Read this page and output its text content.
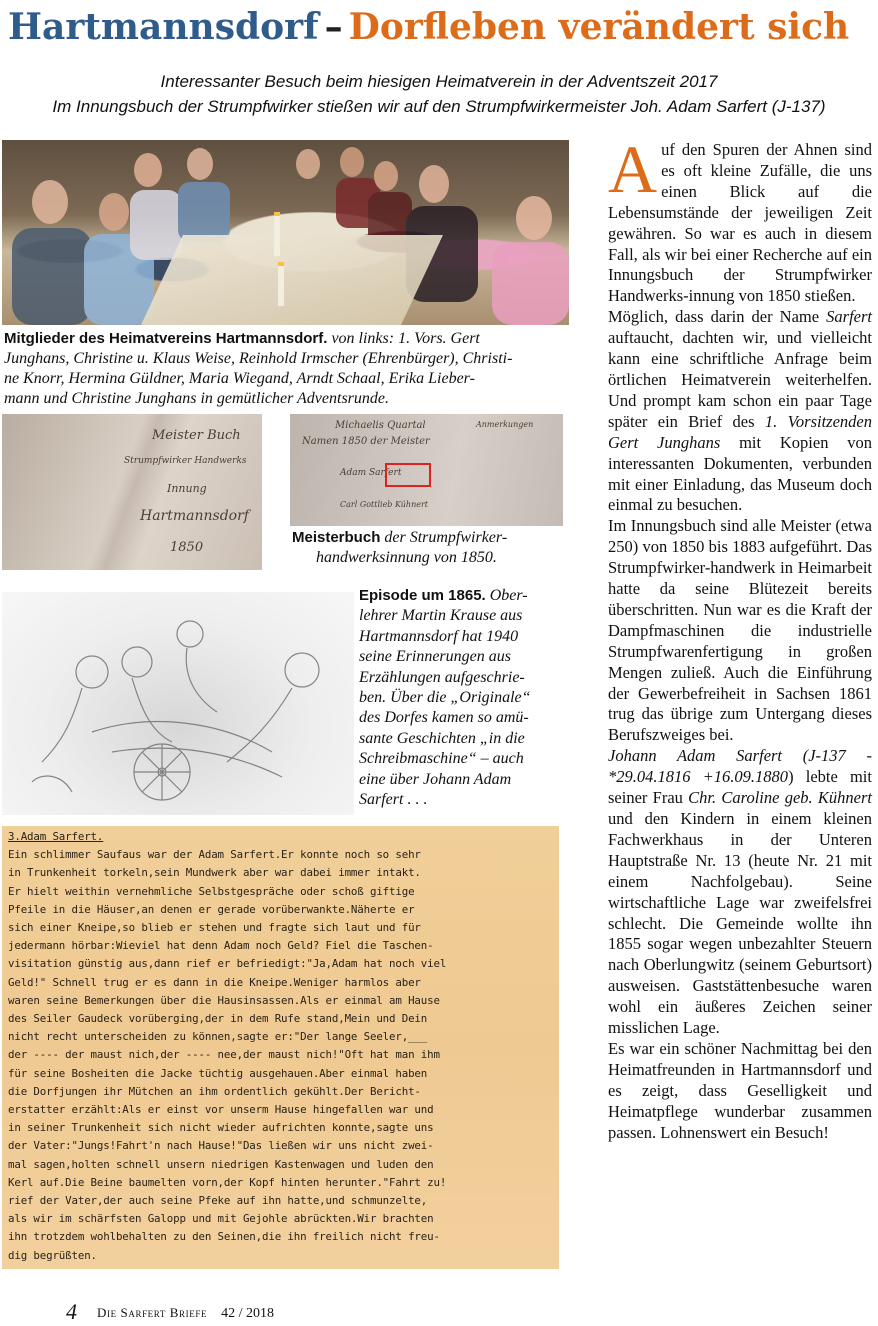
Hartmannsdorf – Dorfleben verändert sich
Interessanter Besuch beim hiesigen Heimatverein in der Adventszeit 2017
Im Innungsbuch der Strumpfwirker stießen wir auf den Strumpfwirkermeister Joh. Adam Sarfert (J-137)
Mitglieder des Heimatvereins Hartmannsdorf. von links: 1. Vors. Gert
Junghans, Christine u. Klaus Weise, Reinhold Irmscher (Ehrenbürger), Christi-
ne Knorr, Hermina Güldner, Maria Wiegand, Arndt Schaal, Erika Lieber-
mann und Christine Junghans in gemütlicher Adventsrunde.
Meister Buch
Strumpfwirker Handwerks
Innung
Hartmannsdorf
1850
Michaelis Quartal
Namen 1850 der Meister
Adam Sarfert
Carl Gottlieb Kühnert
Anmerkungen
Meisterbuch der Strumpfwirker-
handwerksinnung von 1850.
Episode um 1865. Ober-
lehrer Martin Krause aus
Hartmannsdorf hat 1940
seine Erinnerungen aus
Erzählungen aufgeschrie-
ben. Über die „Originale“
des Dorfes kamen so amü-
sante Geschichten „in die
Schreibmaschine“ – auch
eine über Johann Adam
Sarfert . . .
3.Adam Sarfert.
Ein schlimmer Saufaus war der Adam Sarfert.Er konnte noch so sehr
in Trunkenheit torkeln,sein Mundwerk aber war dabei immer intakt.
Er hielt weithin vernehmliche Selbstgespräche oder schoß giftige
Pfeile in die Häuser,an denen er gerade vorüberwankte.Näherte er
sich einer Kneipe,so blieb er stehen und fragte sich laut und für
jedermann hörbar:Wieviel hat denn Adam noch Geld? Fiel die Taschen-
visitation günstig aus,dann rief er befriedigt:"Ja,Adam hat noch viel
Geld!" Schnell trug er es dann in die Kneipe.Weniger harmlos aber
waren seine Bemerkungen über die Hausinsassen.Als er einmal am Hause
des Seiler Gaudeck vorüberging,der in dem Rufe stand,Mein und Dein
nicht recht unterscheiden zu können,sagte er:"Der lange Seeler,___
der ---- der maust nich,der ---- nee,der maust nich!"Oft hat man ihm
für seine Bosheiten die Jacke tüchtig ausgehauen.Aber einmal haben
die Dorfjungen ihr Mütchen an ihm ordentlich gekühlt.Der Bericht-
erstatter erzählt:Als er einst vor unserm Hause hingefallen war und
in seiner Trunkenheit sich nicht wieder aufrichten konnte,sagte uns
der Vater:"Jungs!Fahrt'n nach Hause!"Das ließen wir uns nicht zwei-
mal sagen,holten schnell unsern niedrigen Kastenwagen und luden den
Kerl auf.Die Beine baumelten vorn,der Kopf hinten herunter."Fahrt zu!
rief der Vater,der auch seine Pfeke auf ihn hatte,und schmunzelte,
als wir im schärfsten Galopp und mit Gejohle abrückten.Wir brachten
ihn trotzdem wohlbehalten zu den Seinen,die ihn freilich nicht freu-
dig begrüßten.

Auf den Spuren der Ahnen sind es oft kleine Zufälle, die uns einen Blick auf die Lebensumstände der jeweiligen Zeit gewähren. So war es auch in diesem Fall, als wir bei einer Recherche auf ein Innungsbuch der Strumpfwirker Handwerks-innung von 1850 stießen.

Möglich, dass darin der Name Sarfert auftaucht, dachten wir, und vielleicht kann eine schriftliche Anfrage beim örtlichen Heimatverein weiterhelfen. Und prompt kam schon ein paar Tage später ein Brief des 1. Vorsitzenden Gert Junghans mit Kopien von interessanten Dokumenten, verbunden mit einer Einladung, das Museum doch einmal zu besuchen.

Im Innungsbuch sind alle Meister (etwa 250) von 1850 bis 1883 aufgeführt. Das Strumpfwirker-handwerk in Heimarbeit hatte da seine Blütezeit bereits überschritten. Nun war es die Kraft der Dampfmaschinen die industrielle Strumpfwarenfertigung in großen Mengen zuließ. Auch die Einführung der Gewerbefreiheit in Sachsen 1861 trug das übrige zum Untergang dieses Berufszweiges bei.

Johann Adam Sarfert (J-137 - *29.04.1816 +16.09.1880) lebte mit seiner Frau Chr. Caroline geb. Kühnert und den Kindern in einem kleinen Fachwerkhaus in der Unteren Hauptstraße Nr. 13 (heute Nr. 21 mit einem Nachfolgebau). Seine wirtschaftliche Lage war zweifelsfrei schlecht. Die Gemeinde wollte ihn 1855 sogar wegen unbezahlter Steuern nach Oberlungwitz (seinem Geburtsort) ausweisen. Gaststättenbesuche waren wohl ein äußeres Zeichen seiner misslichen Lage.

Es war ein schöner Nachmittag bei den Heimatfreunden in Hartmannsdorf und es zeigt, dass Geselligkeit und Heimatpflege wunderbar zusammen passen. Lohnenswert ein Besuch!

4 Die Sarfert Briefe 42 / 2018
